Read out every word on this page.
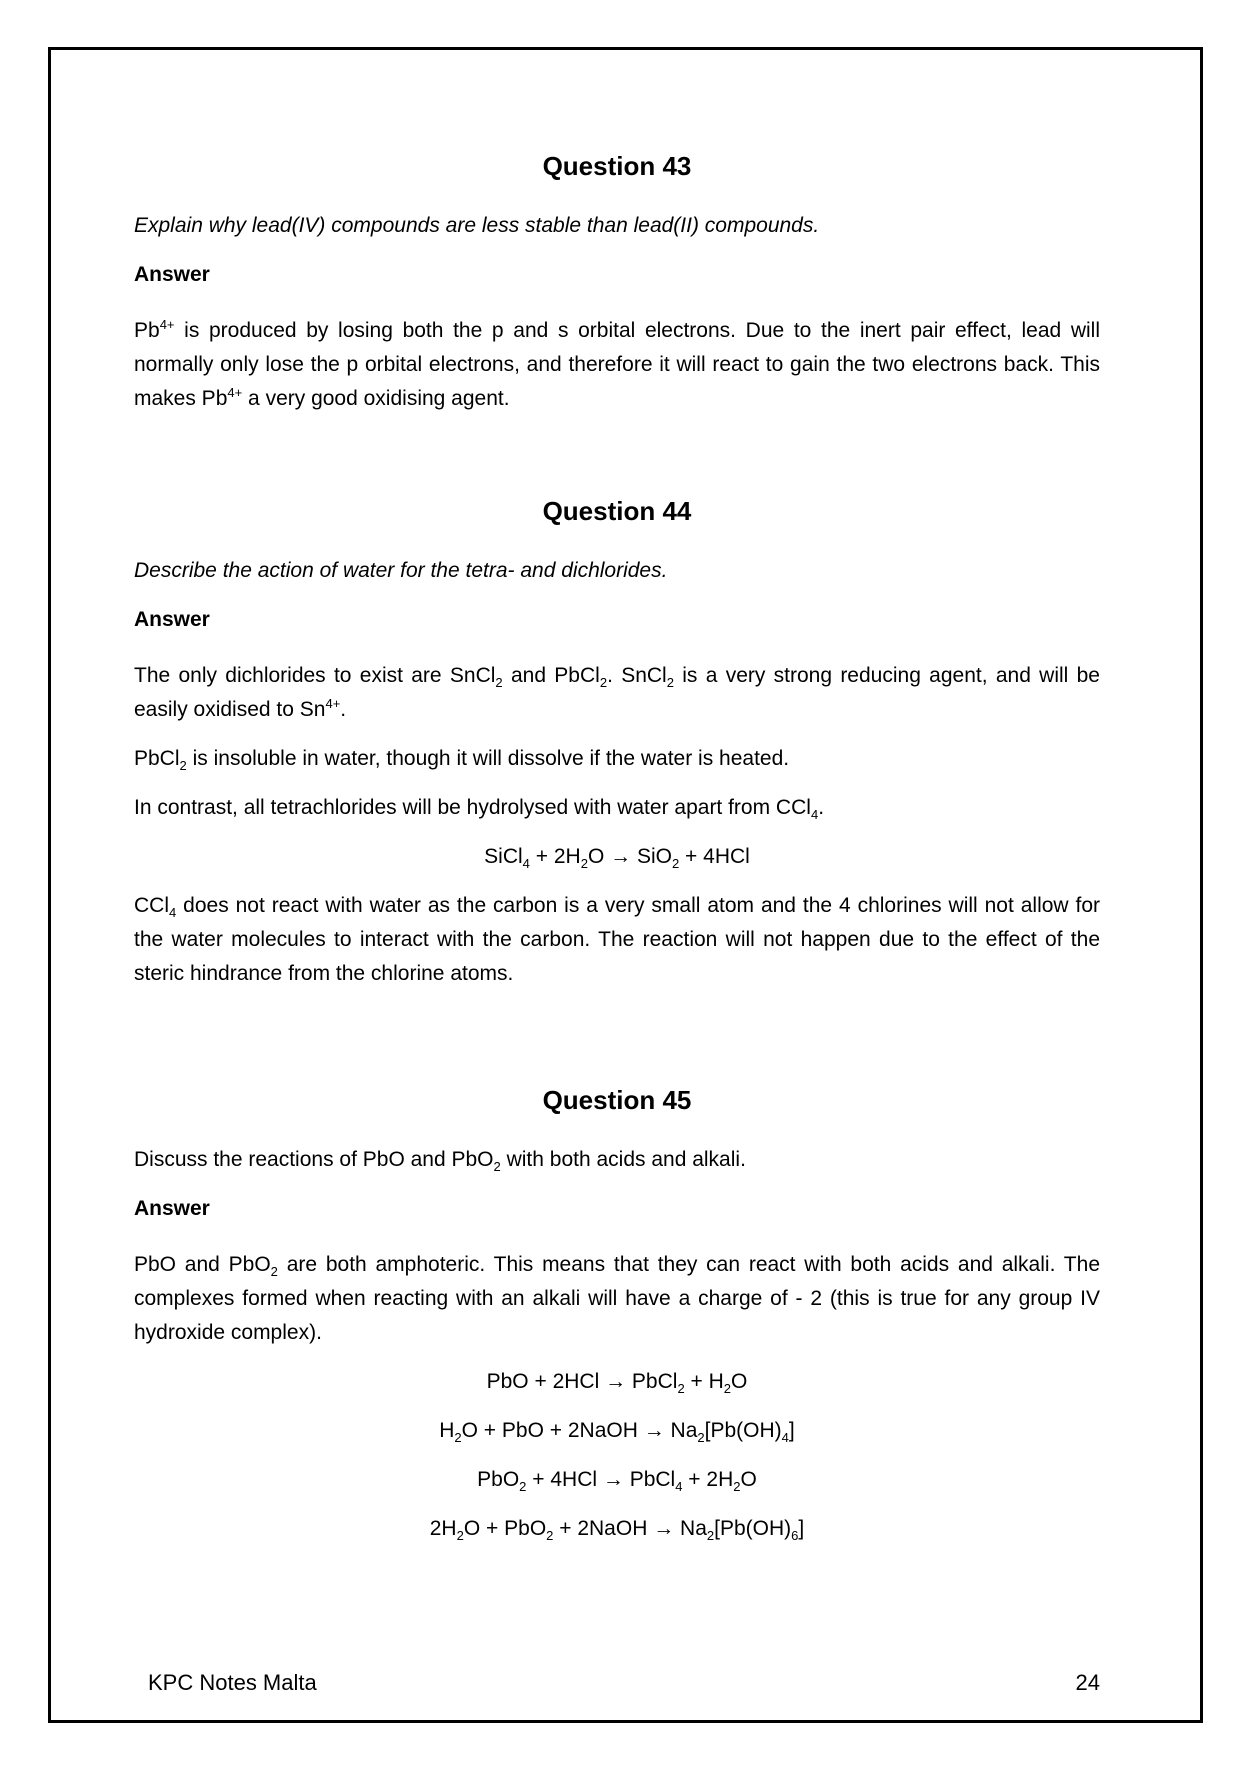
Question 43

Explain why lead(IV) compounds are less stable than lead(II) compounds.

Answer

$Pb^{4+}$ is produced by losing both the p and s orbital electrons. Due to the inert pair effect, lead will normally only lose the p orbital electrons, and therefore it will react to gain the two electrons back. This makes $Pb^{4+}$ a very good oxidising agent.

Question 44

Describe the action of water for the tetra- and dichlorides.

Answer

The only dichlorides to exist are SnCl$_2$ and PbCl$_2$. SnCl$_2$ is a very strong reducing agent, and will be easily oxidised to $Sn^{4+}$.

PbCl$_2$ is insoluble in water, though it will dissolve if the water is heated.

In contrast, all tetrachlorides will be hydrolysed with water apart from CCl$_4$.

SiCl$_4$ + $2H_2O \to SiO_2 + 4HCl$

CCl$_4$ does not react with water as the carbon is a very small atom and the 4 chlorines will not allow for the water molecules to interact with the carbon. The reaction will not happen due to the effect of the steric hindrance from the chlorine atoms.

Question 45

Discuss the reactions of PbO and PbO$_2$ with both acids and alkali.

Answer

PbO and PbO$_2$ are both amphoteric. This means that they can react with both acids and alkali. The complexes formed when reacting with an alkali will have a charge of - 2 (this is true for any group IV hydroxide complex).

PbO + 2HCl → PbCl$_2$ + $H_2O$

$H_2O$ + PbO + 2NaOH → $Na_2[Pb(OH)_4]$

PbO$_2$ + 4HCl → PbCl$_4$ + $2H_2O$

$2H_2O + PbO_2$ + 2NaOH → $Na_2[Pb(OH)_6]$

KPC Notes Malta	24
